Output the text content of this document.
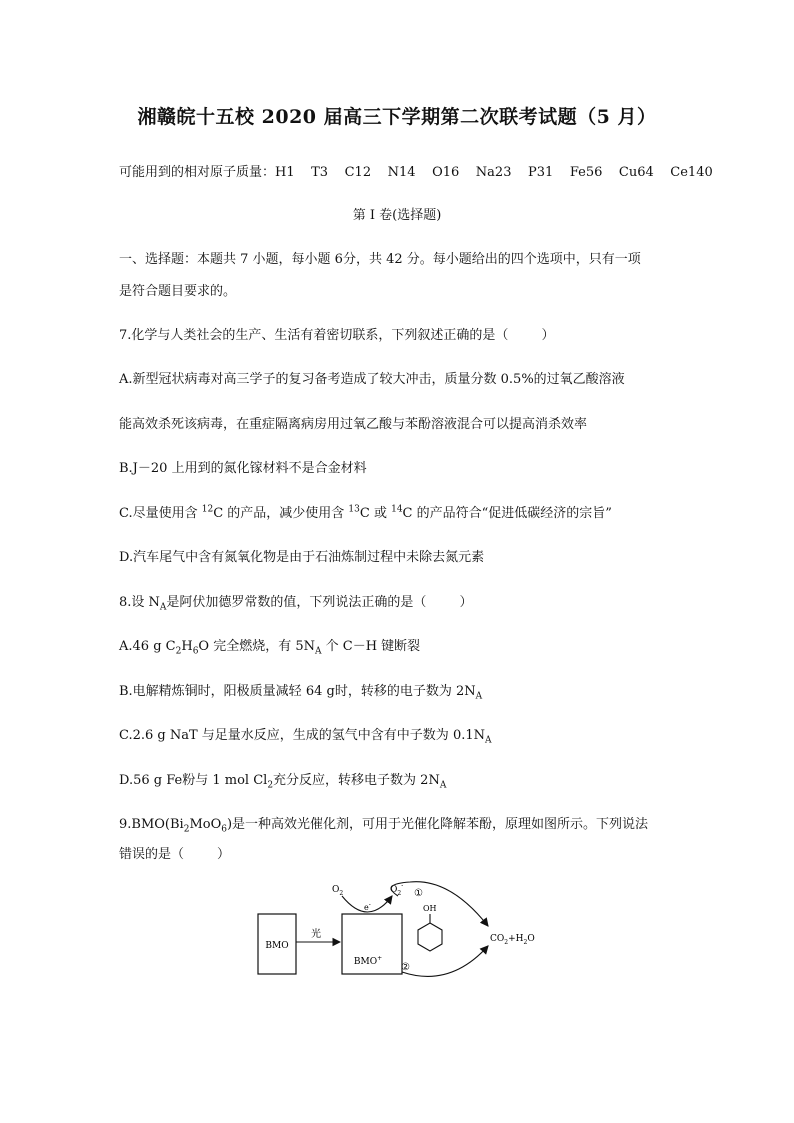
湘赣皖十五校 2020 届高三下学期第二次联考试题（5 月）
可能用到的相对原子质量：H1    T3    C12    N14    O16    Na23    P31    Fe56    Cu64    Ce140
第 I 卷(选择题)
一、选择题：本题共 7 小题，每小题 6分，共 42 分。每小题给出的四个选项中，只有一项
是符合题目要求的。
7.化学与人类社会的生产、生活有着密切联系，下列叙述正确的是（        ）
A.新型冠状病毒对高三学子的复习备考造成了较大冲击，质量分数 0.5%的过氧乙酸溶液
能高效杀死该病毒，在重症隔离病房用过氧乙酸与苯酚溶液混合可以提高消杀效率
B.J－20 上用到的氮化镓材料不是合金材料
C.尽量使用含 $^{12}$C 的产品，减少使用含 $^{13}$C 或 $^{14}$C 的产品符合“促进低碳经济的宗旨”
D.汽车尾气中含有氮氧化物是由于石油炼制过程中未除去氮元素
8.设 $N_A$是阿伏加德罗常数的值，下列说法正确的是（        ）
A.46 g $C_2H_6O$ 完全燃烧，有 $5N_A$ 个 C－H 键断裂
B.电解精炼铜时，阳极质量减轻 64 g时，转移的电子数为 $2N_A$
C.2.6 g NaT 与足量水反应，生成的氢气中含有中子数为 $0.1N_A$
D.56 g Fe粉与 1 mol $Cl_2$充分反应，转移电子数为 $2N_A$
$9.BMO(Bi_2MoO_6)$是一种高效光催化剂，可用于光催化降解苯酚，原理如图所示。下列说法
错误的是（        ）
BMO
光
BMO+
$O_2$	$O_2^-$
e-	OH
①
②
$CO_2+H_2O$
